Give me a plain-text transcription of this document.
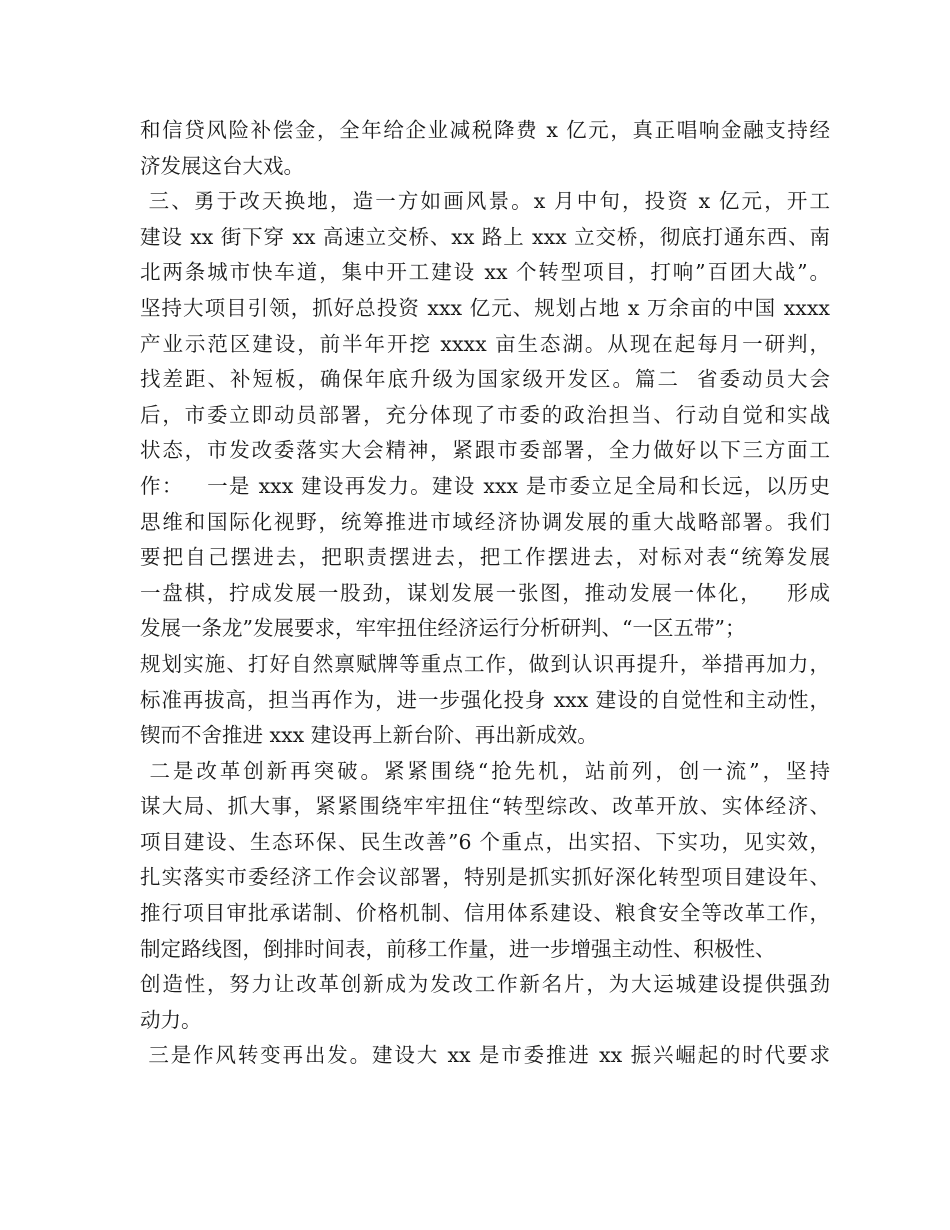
和信贷风险补偿金，全年给企业减税降费 x 亿元，真正唱响金融支持经
济发展这台大戏。
三、勇于改天换地，造一方如画风景。x 月中旬，投资 x 亿元，开工
建设 xx 街下穿 xx 高速立交桥、xx 路上 xxx 立交桥，彻底打通东西、南
北两条城市快车道，集中开工建设 xx 个转型项目，打响”百团大战”。
坚持大项目引领，抓好总投资 xxx 亿元、规划占地 x 万余亩的中国 xxxx
产业示范区建设，前半年开挖 xxxx 亩生态湖。从现在起每月一研判，
找差距、补短板，确保年底升级为国家级开发区。篇二  省委动员大会
后，市委立即动员部署，充分体现了市委的政治担当、行动自觉和实战
状态，市发改委落实大会精神，紧跟市委部署，全力做好以下三方面工
作：   一是 xxx 建设再发力。建设 xxx 是市委立足全局和长远，以历史
思维和国际化视野，统筹推进市域经济协调发展的重大战略部署。我们
要把自己摆进去，把职责摆进去，把工作摆进去，对标对表“统筹发展
一盘棋，拧成发展一股劲，谋划发展一张图，推动发展一体化，   形成
发展一条龙”发展要求，牢牢扭住经济运行分析研判、“一区五带”；
规划实施、打好自然禀赋牌等重点工作，做到认识再提升，举措再加力，
标准再拔高，担当再作为，进一步强化投身 xxx 建设的自觉性和主动性，
锲而不舍推进 xxx 建设再上新台阶、再出新成效。
二是改革创新再突破。紧紧围绕“抢先机，站前列，创一流”，坚持
谋大局、抓大事，紧紧围绕牢牢扭住“转型综改、改革开放、实体经济、
项目建设、生态环保、民生改善”6 个重点，出实招、下实功，见实效，
扎实落实市委经济工作会议部署，特别是抓实抓好深化转型项目建设年、
推行项目审批承诺制、价格机制、信用体系建设、粮食安全等改革工作，
制定路线图，倒排时间表，前移工作量，进一步增强主动性、积极性、
创造性，努力让改革创新成为发改工作新名片，为大运城建设提供强劲
动力。
三是作风转变再出发。建设大 xx 是市委推进 xx 振兴崛起的时代要求
